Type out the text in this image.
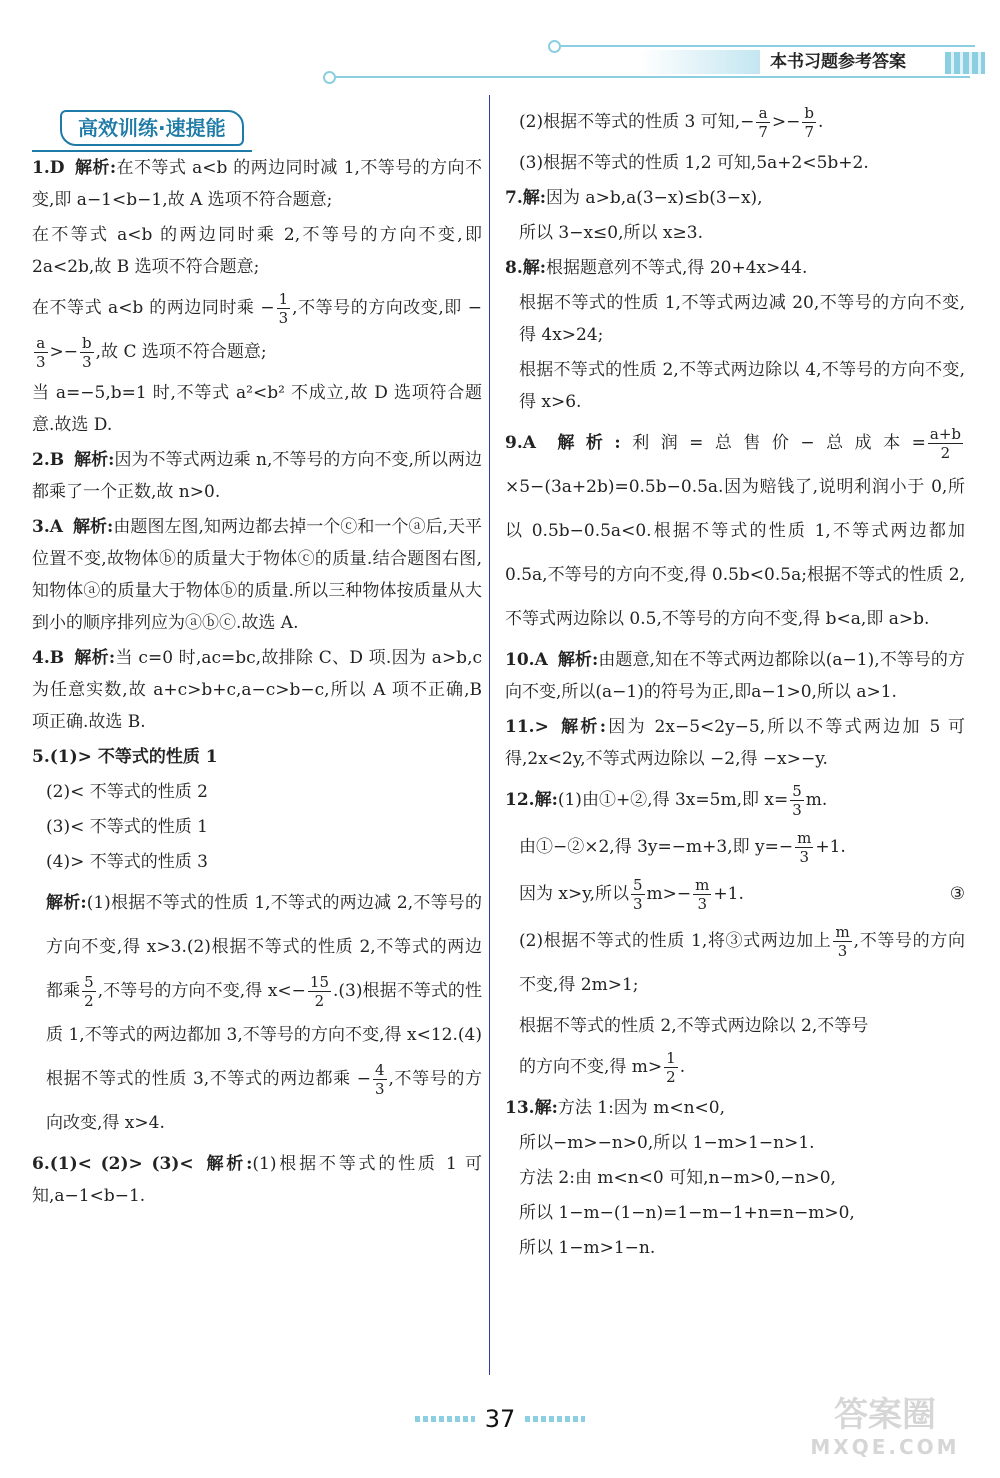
本书习题参考答案
高效训练·速提能

1.D 解析:在不等式 a<b 的两边同时减 1,不等号的方向不变,即 a−1<b−1,故 A 选项不符合题意;

在不等式 a<b 的两边同时乘 2,不等号的方向不变,即 2a<2b,故 B 选项不符合题意;

在不等式 a<b 的两边同时乘 − $\frac{1}{3}$ ,不等号的方向改变,即 −
$\frac{a}{3} >- \frac{b}{3}$ ,故 C 选项不符合题意;

当 a=−5,b=1 时,不等式 a²<b² 不成立,故 D 选项符合题意.故选 D.

2.B 解析:因为不等式两边乘 n,不等号的方向不变,所以两边都乘了一个正数,故 n>0.

3.A 解析:由题图左图,知两边都去掉一个ⓒ和一个ⓐ后,天平位置不变,故物体ⓑ的质量大于物体ⓒ的质量.结合题图右图,知物体ⓐ的质量大于物体ⓑ的质量.所以三种物体按质量从大到小的顺序排列应为ⓐⓑⓒ.故选 A.

4.B 解析:当 c=0 时,ac=bc,故排除 C、D 项.因为 a>b,c 为任意实数,故 a+c>b+c,a−c>b−c,所以 A 项不正确,B 项正确.故选 B.

5.(1)> 不等式的性质 1

(2)< 不等式的性质 2

(3)< 不等式的性质 1

(4)> 不等式的性质 3

解析:(1)根据不等式的性质 1,不等式的两边减 2,不等号的方向不变,得 x>3.(2)根据不等式的性质 2,不等式的两边都乘 $\frac{5}{2}$ ,不等号的方向不变,得 $x<- \frac{15}{2} .(3)$根据不等式的性质 1,不等式的两边都加 3,不等号的方向不变,得 x<12.(4)根据不等式的性质 3,不等式的两边都乘 − $\frac{4}{3}$ ,不等号的方向改变,得 x>4.

6.(1)< (2)> (3)< 解析:(1)根据不等式的性质 1 可知,a−1<b−1.

(2)根据不等式的性质 3 可知,− $\frac{a}{7} >- \frac{b}{7}$ .

(3)根据不等式的性质 1,2 可知,5a+2<5b+2.

7.解:因为 a>b,a(3−x)≤b(3−x),

所以 3−x≤0,所以 x≥3.

8.解:根据题意列不等式,得 20+4x>44.

根据不等式的性质 1,不等式两边减 20,不等号的方向不变,得 4x>24;

根据不等式的性质 2,不等式两边除以 4,不等号的方向不变,得 x>6.

9.A 解析:利润=总售价−总成本= $\frac{a+b}{2}$
×5−(3a+2b)=0.5b−0.5a.因为赔钱了,说明利润小于 0,所以 0.5b−0.5a<0.根据不等式的性质 1,不等式两边都加 0.5a,不等号的方向不变,得 0.5b<0.5a;根据不等式的性质 2,不等式两边除以 0.5,不等号的方向不变,得 b<a,即 a>b.

10.A 解析:由题意,知在不等式两边都除以(a−1),不等号的方向不变,所以(a−1)的符号为正,即a−1>0,所以 a>1.

11.> 解析:因为 2x−5<2y−5,所以不等式两边加 5 可得,2x<2y,不等式两边除以 −2,得 −x>−y.

12.解:(1)由①+②,得 3x=5m,即 $x= \frac{5}{3} m$.

由①−②×2,得 3y=−m+3,即 $y=- \frac{m}{3} +1$.

因为 x>y,所以 $\frac{5}{3} m>- \frac{m}{3} +1$.	③

(2)根据不等式的性质 1,将③式两边加上 $\frac{m}{3}$ ,不等号的方向不变,得 2m>1;

根据不等式的性质 2,不等式两边除以 2,不等号

的方向不变,得 $m> \frac{1}{2}$ .

13.解:方法 1:因为 m<n<0,

所以−m>−n>0,所以 1−m>1−n>1.

方法 2:由 m<n<0 可知,n−m>0,−n>0,

所以 1−m−(1−n)=1−m−1+n=n−m>0,

所以 1−m>1−n.

37	答案圈
MXQE.COM
